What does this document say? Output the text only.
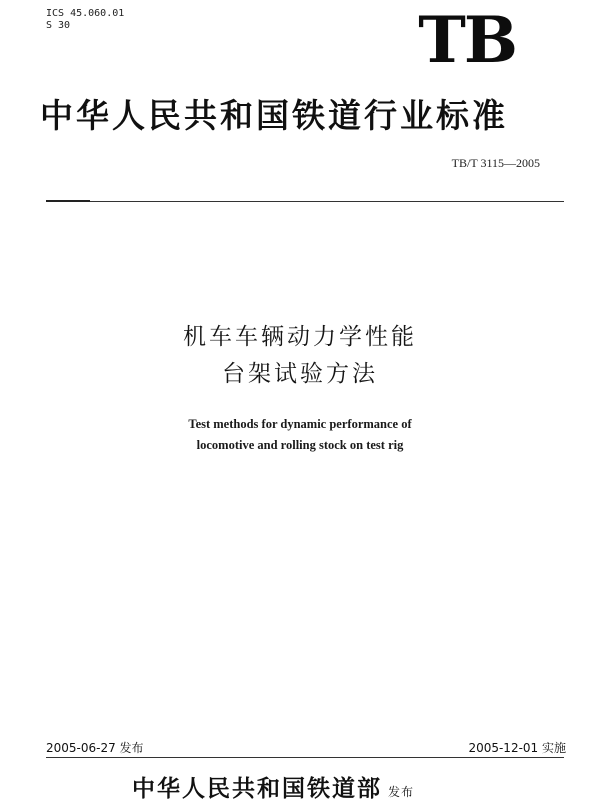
ICS 45.060.01
S 30	TB
中华人民共和国铁道行业标准
TB/T 3115—2005
机车车辆动力学性能
台架试验方法
Test methods for dynamic performance of
locomotive and rolling stock on test rig
2005-06-27 发布	2005-12-01 实施
中华人民共和国铁道部 发布
